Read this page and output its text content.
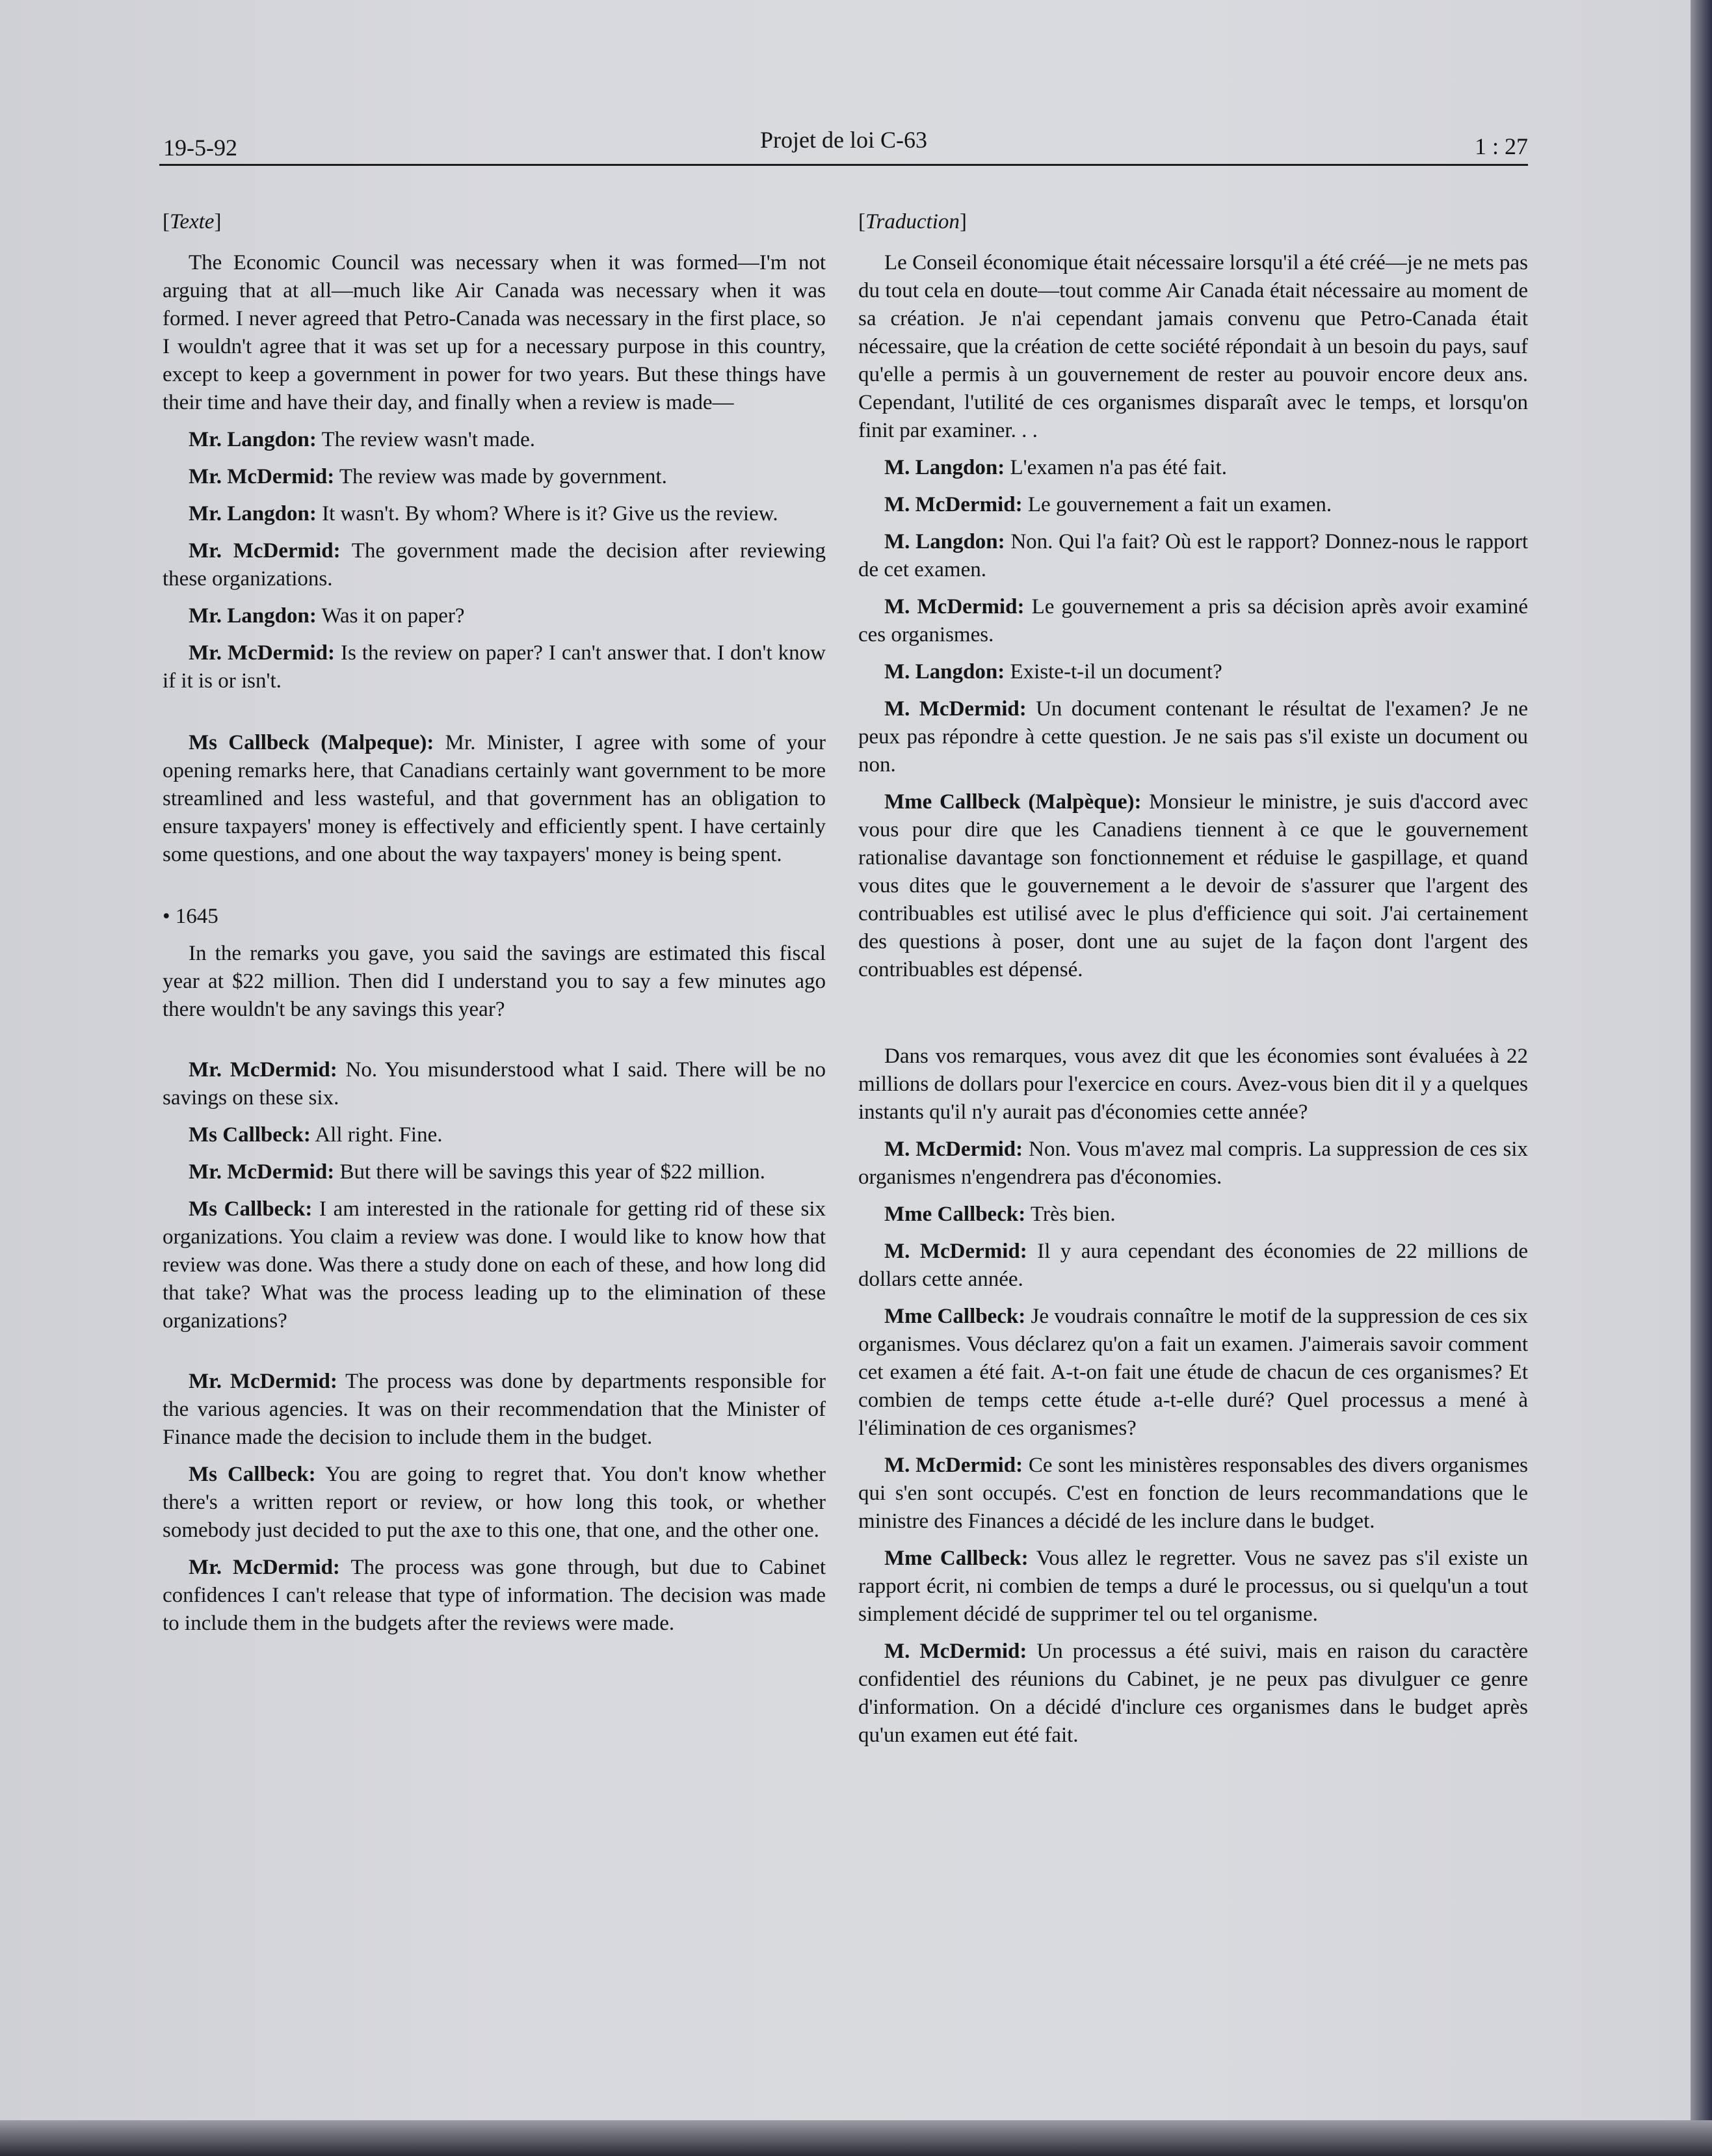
19-5-92	Projet de loi C-63	1 : 27

[Texte]

The Economic Council was necessary when it was formed—I'm not arguing that at all—much like Air Canada was necessary when it was formed. I never agreed that Petro-Canada was necessary in the first place, so I wouldn't agree that it was set up for a necessary purpose in this country, except to keep a government in power for two years. But these things have their time and have their day, and finally when a review is made—

Mr. Langdon: The review wasn't made.

Mr. McDermid: The review was made by government.

Mr. Langdon: It wasn't. By whom? Where is it? Give us the review.

Mr. McDermid: The government made the decision after reviewing these organizations.

Mr. Langdon: Was it on paper?

Mr. McDermid: Is the review on paper? I can't answer that. I don't know if it is or isn't.

Ms Callbeck (Malpeque): Mr. Minister, I agree with some of your opening remarks here, that Canadians certainly want government to be more streamlined and less wasteful, and that government has an obligation to ensure taxpayers' money is effectively and efficiently spent. I have certainly some questions, and one about the way taxpayers' money is being spent.

• 1645

In the remarks you gave, you said the savings are estimated this fiscal year at $22 million. Then did I understand you to say a few minutes ago there wouldn't be any savings this year?

Mr. McDermid: No. You misunderstood what I said. There will be no savings on these six.

Ms Callbeck: All right. Fine.

Mr. McDermid: But there will be savings this year of $22 million.

Ms Callbeck: I am interested in the rationale for getting rid of these six organizations. You claim a review was done. I would like to know how that review was done. Was there a study done on each of these, and how long did that take? What was the process leading up to the elimination of these organizations?

Mr. McDermid: The process was done by departments responsible for the various agencies. It was on their recommendation that the Minister of Finance made the decision to include them in the budget.

Ms Callbeck: You are going to regret that. You don't know whether there's a written report or review, or how long this took, or whether somebody just decided to put the axe to this one, that one, and the other one.

Mr. McDermid: The process was gone through, but due to Cabinet confidences I can't release that type of information. The decision was made to include them in the budgets after the reviews were made.

[Traduction]

Le Conseil économique était nécessaire lorsqu'il a été créé—je ne mets pas du tout cela en doute—tout comme Air Canada était nécessaire au moment de sa création. Je n'ai cependant jamais convenu que Petro-Canada était nécessaire, que la création de cette société répondait à un besoin du pays, sauf qu'elle a permis à un gouvernement de rester au pouvoir encore deux ans. Cependant, l'utilité de ces organismes disparaît avec le temps, et lorsqu'on finit par examiner. . .

M. Langdon: L'examen n'a pas été fait.

M. McDermid: Le gouvernement a fait un examen.

M. Langdon: Non. Qui l'a fait? Où est le rapport? Donnez-nous le rapport de cet examen.

M. McDermid: Le gouvernement a pris sa décision après avoir examiné ces organismes.

M. Langdon: Existe-t-il un document?

M. McDermid: Un document contenant le résultat de l'examen? Je ne peux pas répondre à cette question. Je ne sais pas s'il existe un document ou non.

Mme Callbeck (Malpèque): Monsieur le ministre, je suis d'accord avec vous pour dire que les Canadiens tiennent à ce que le gouvernement rationalise davantage son fonctionnement et réduise le gaspillage, et quand vous dites que le gouvernement a le devoir de s'assurer que l'argent des contribuables est utilisé avec le plus d'efficience qui soit. J'ai certainement des questions à poser, dont une au sujet de la façon dont l'argent des contribuables est dépensé.

Dans vos remarques, vous avez dit que les économies sont évaluées à 22 millions de dollars pour l'exercice en cours. Avez-vous bien dit il y a quelques instants qu'il n'y aurait pas d'économies cette année?

M. McDermid: Non. Vous m'avez mal compris. La suppression de ces six organismes n'engendrera pas d'économies.

Mme Callbeck: Très bien.

M. McDermid: Il y aura cependant des économies de 22 millions de dollars cette année.

Mme Callbeck: Je voudrais connaître le motif de la suppression de ces six organismes. Vous déclarez qu'on a fait un examen. J'aimerais savoir comment cet examen a été fait. A-t-on fait une étude de chacun de ces organismes? Et combien de temps cette étude a-t-elle duré? Quel processus a mené à l'élimination de ces organismes?

M. McDermid: Ce sont les ministères responsables des divers organismes qui s'en sont occupés. C'est en fonction de leurs recommandations que le ministre des Finances a décidé de les inclure dans le budget.

Mme Callbeck: Vous allez le regretter. Vous ne savez pas s'il existe un rapport écrit, ni combien de temps a duré le processus, ou si quelqu'un a tout simplement décidé de supprimer tel ou tel organisme.

M. McDermid: Un processus a été suivi, mais en raison du caractère confidentiel des réunions du Cabinet, je ne peux pas divulguer ce genre d'information. On a décidé d'inclure ces organismes dans le budget après qu'un examen eut été fait.
